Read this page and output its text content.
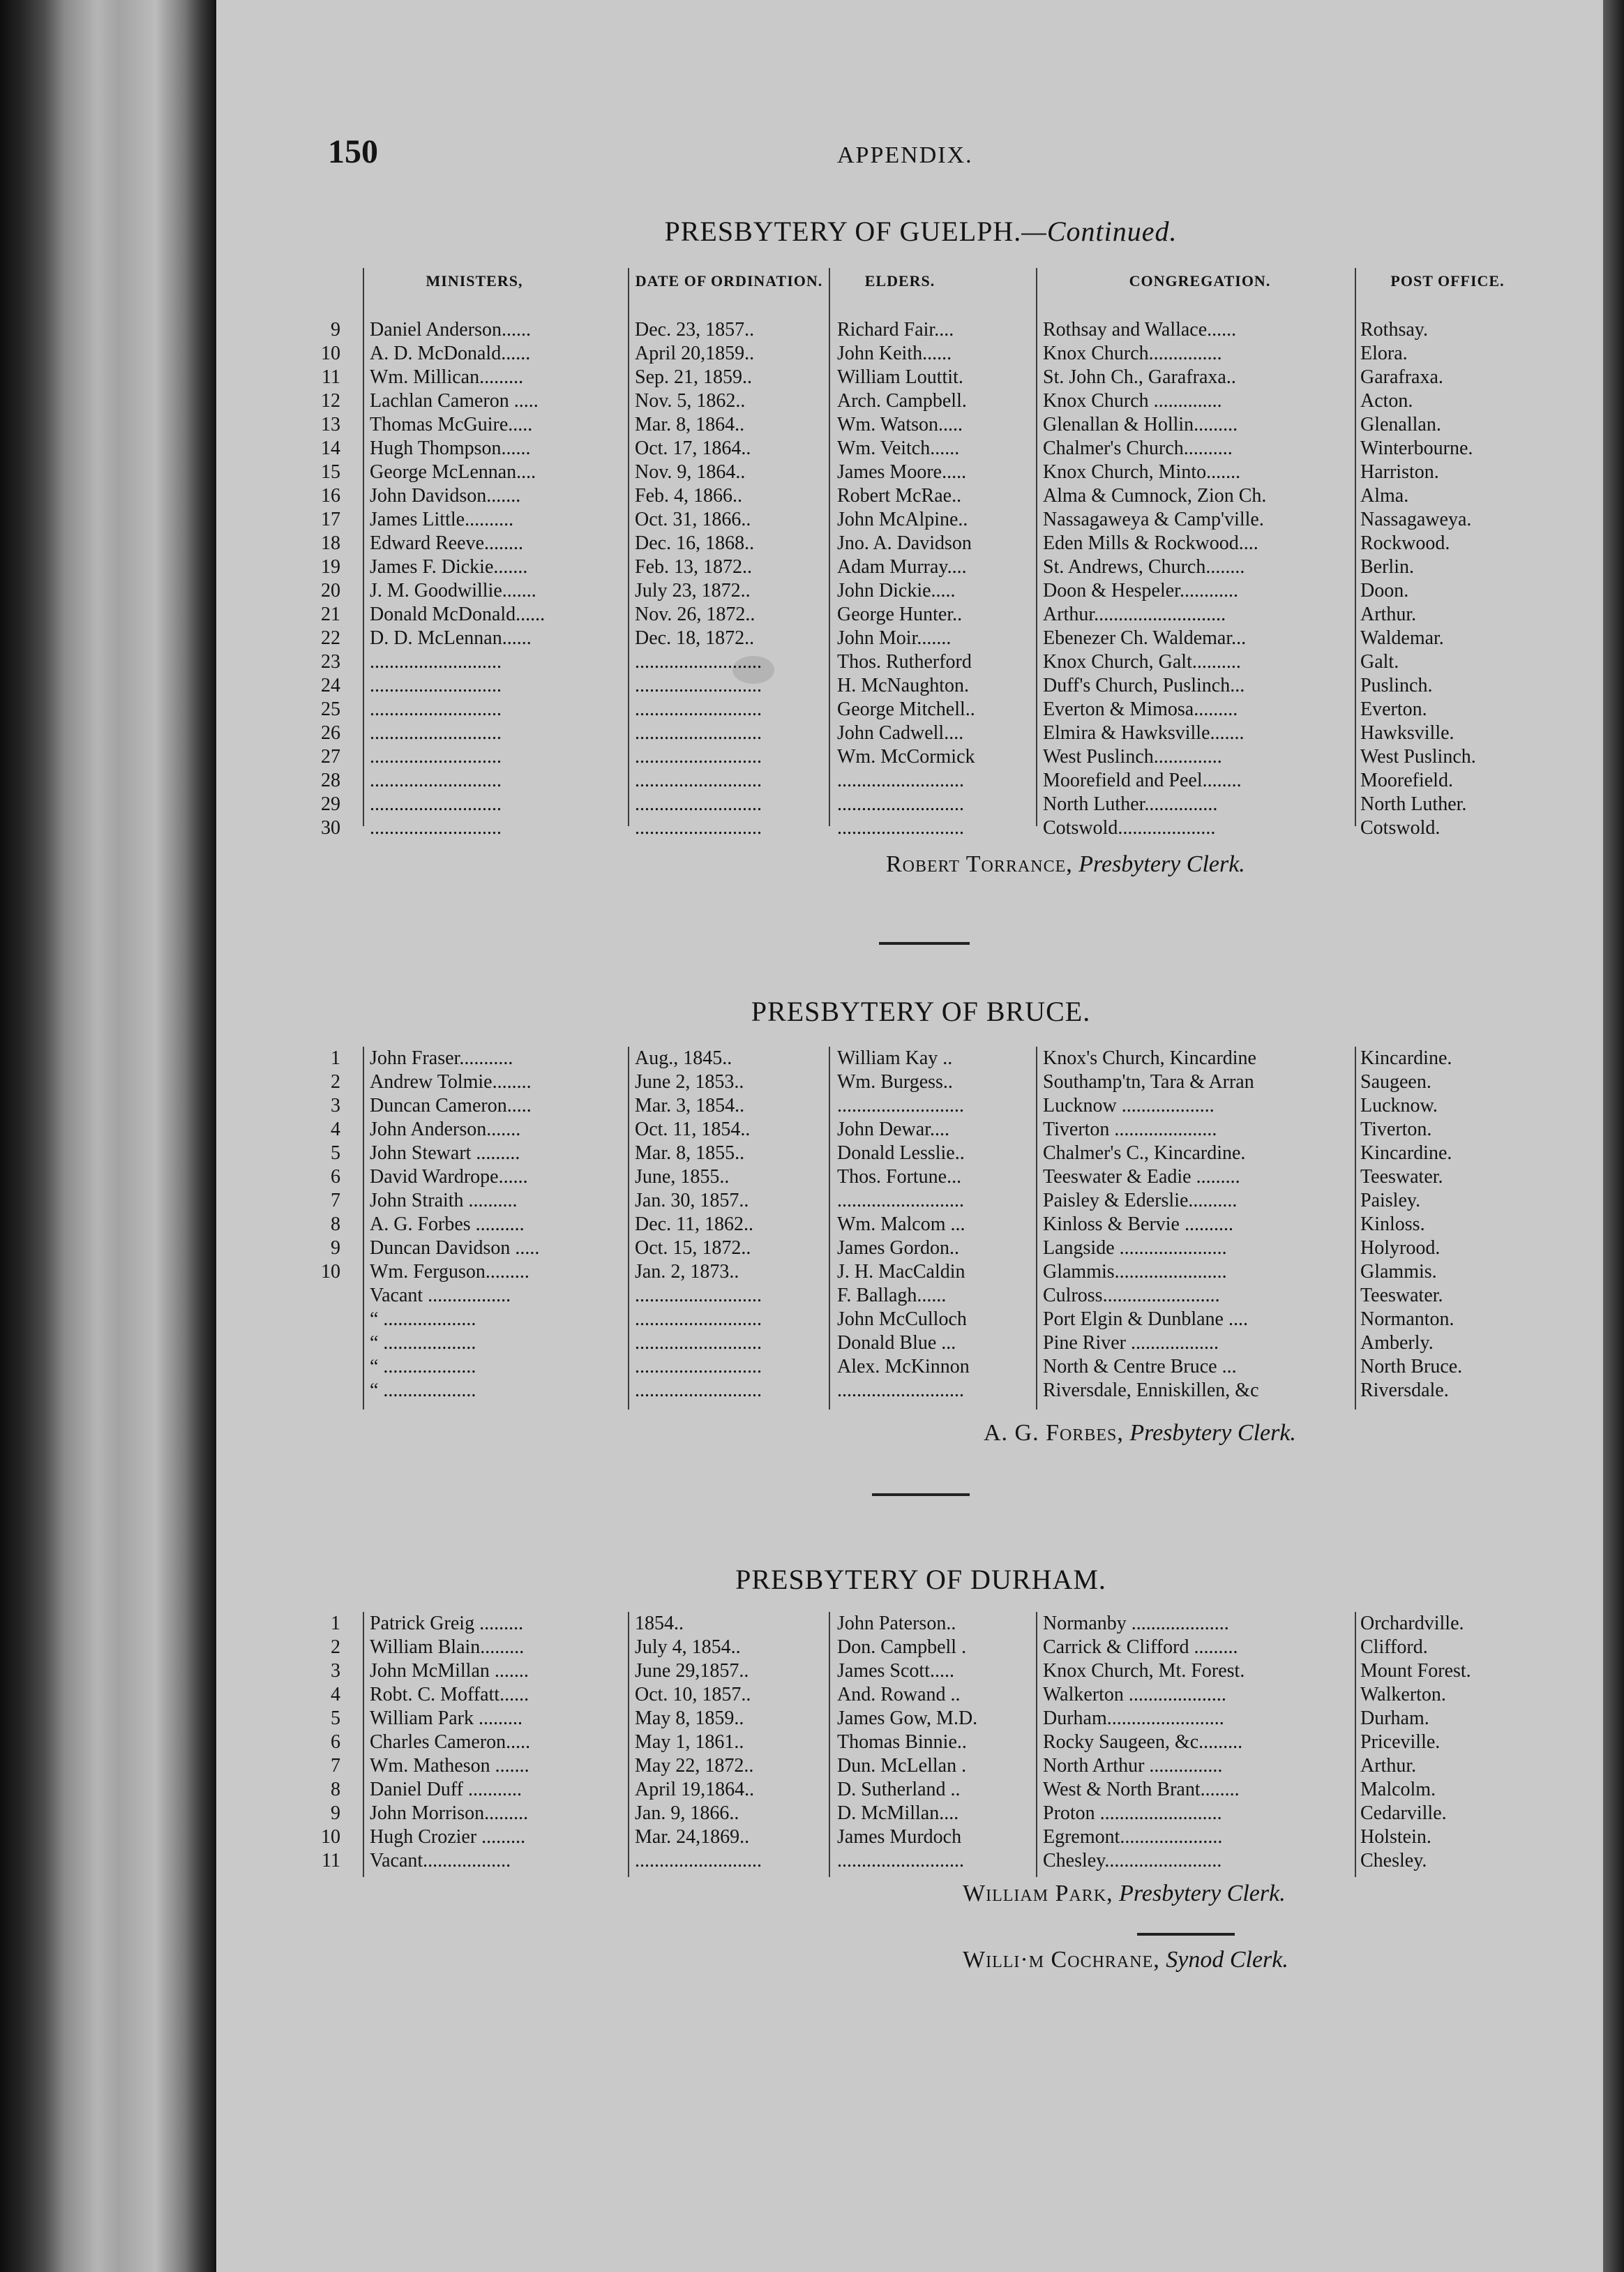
150	APPENDIX.
PRESBYTERY OF GUELPH.—Continued.
MINISTERS,	DATE OF ORDINATION.	ELDERS.	CONGREGATION.	POST OFFICE.
9 Daniel Anderson......	Dec. 23, 1857..	Richard Fair....	Rothsay and Wallace......	Rothsay.
10 A. D. McDonald......	April 20,1859..	John Keith......	Knox Church...............	Elora.
11 Wm. Millican.........	Sep. 21, 1859..	William Louttit.	St. John Ch., Garafraxa..	Garafraxa.
12 Lachlan Cameron .....	Nov. 5, 1862..	Arch. Campbell.	Knox Church ..............	Acton.
13 Thomas McGuire.....	Mar. 8, 1864..	Wm. Watson.....	Glenallan & Hollin.........	Glenallan.
14 Hugh Thompson......	Oct. 17, 1864..	Wm. Veitch......	Chalmer's Church..........	Winterbourne.
15 George McLennan....	Nov. 9, 1864..	James Moore.....	Knox Church, Minto.......	Harriston.
16 John Davidson.......	Feb. 4, 1866..	Robert McRae..	Alma & Cumnock, Zion Ch.	Alma.
17 James Little..........	Oct. 31, 1866..	John McAlpine..	Nassagaweya & Camp'ville.	Nassagaweya.
18 Edward Reeve........	Dec. 16, 1868..	Jno. A. Davidson	Eden Mills & Rockwood....	Rockwood.
19 James F. Dickie.......	Feb. 13, 1872..	Adam Murray....	St. Andrews, Church........	Berlin.
20 J. M. Goodwillie.......	July 23, 1872..	John Dickie.....	Doon & Hespeler............	Doon.
21 Donald McDonald......	Nov. 26, 1872..	George Hunter..	Arthur...........................	Arthur.
22 D. D. McLennan......	Dec. 18, 1872..	John Moir.......	Ebenezer Ch. Waldemar...	Waldemar.
23 ...........................	..........................	Thos. Rutherford	Knox Church, Galt..........	Galt.
24 ...........................	..........................	H. McNaughton.	Duff's Church, Puslinch...	Puslinch.
25 ...........................	..........................	George Mitchell..	Everton & Mimosa.........	Everton.
26 ...........................	..........................	John Cadwell....	Elmira & Hawksville.......	Hawksville.
27 ...........................	..........................	Wm. McCormick	West Puslinch..............	West Puslinch.
28 ...........................	..........................	..........................	Moorefield and Peel........	Moorefield.
29 ...........................	..........................	..........................	North Luther...............	North Luther.
30 ...........................	..........................	..........................	Cotswold....................	Cotswold.
Robert Torrance, Presbytery Clerk.
PRESBYTERY OF BRUCE.
1 John Fraser...........	Aug., 1845..	William Kay ..	Knox's Church, Kincardine	Kincardine.
2 Andrew Tolmie........	June 2, 1853..	Wm. Burgess..	Southamp'tn, Tara & Arran	Saugeen.
3 Duncan Cameron.....	Mar. 3, 1854..	..........................	Lucknow ...................	Lucknow.
4 John Anderson.......	Oct. 11, 1854..	John Dewar....	Tiverton .....................	Tiverton.
5 John Stewart .........	Mar. 8, 1855..	Donald Lesslie..	Chalmer's C., Kincardine.	Kincardine.
6 David Wardrope......	June, 1855..	Thos. Fortune...	Teeswater & Eadie .........	Teeswater.
7 John Straith ..........	Jan. 30, 1857..	..........................	Paisley & Ederslie..........	Paisley.
8 A. G. Forbes ..........	Dec. 11, 1862..	Wm. Malcom ...	Kinloss & Bervie ..........	Kinloss.
9 Duncan Davidson .....	Oct. 15, 1872..	James Gordon..	Langside ......................	Holyrood.
10 Wm. Ferguson.........	Jan. 2, 1873..	J. H. MacCaldin	Glammis.......................	Glammis.
Vacant .................	..........................	F. Ballagh......	Culross........................	Teeswater.
“ ...................	..........................	John McCulloch	Port Elgin & Dunblane ....	Normanton.
“ ...................	..........................	Donald Blue ...	Pine River ..................	Amberly.
“ ...................	..........................	Alex. McKinnon	North & Centre Bruce ...	North Bruce.
“ ...................	..........................	..........................	Riversdale, Enniskillen, &c	Riversdale.
A. G. Forbes, Presbytery Clerk.
PRESBYTERY OF DURHAM.
1 Patrick Greig .........	1854..	John Paterson..	Normanby ....................	Orchardville.
2 William Blain.........	July 4, 1854..	Don. Campbell .	Carrick & Clifford .........	Clifford.
3 John McMillan .......	June 29,1857..	James Scott.....	Knox Church, Mt. Forest.	Mount Forest.
4 Robt. C. Moffatt......	Oct. 10, 1857..	And. Rowand ..	Walkerton ....................	Walkerton.
5 William Park .........	May 8, 1859..	James Gow, M.D.	Durham........................	Durham.
6 Charles Cameron.....	May 1, 1861..	Thomas Binnie..	Rocky Saugeen, &c.........	Priceville.
7 Wm. Matheson .......	May 22, 1872..	Dun. McLellan .	North Arthur ...............	Arthur.
8 Daniel Duff ...........	April 19,1864..	D. Sutherland ..	West & North Brant........	Malcolm.
9 John Morrison.........	Jan. 9, 1866..	D. McMillan....	Proton .........................	Cedarville.
10 Hugh Crozier .........	Mar. 24,1869..	James Murdoch	Egremont.....................	Holstein.
11 Vacant..................	..........................	..........................	Chesley........................	Chesley.
William Park, Presbytery Clerk.
Willi·m Cochrane, Synod Clerk.
